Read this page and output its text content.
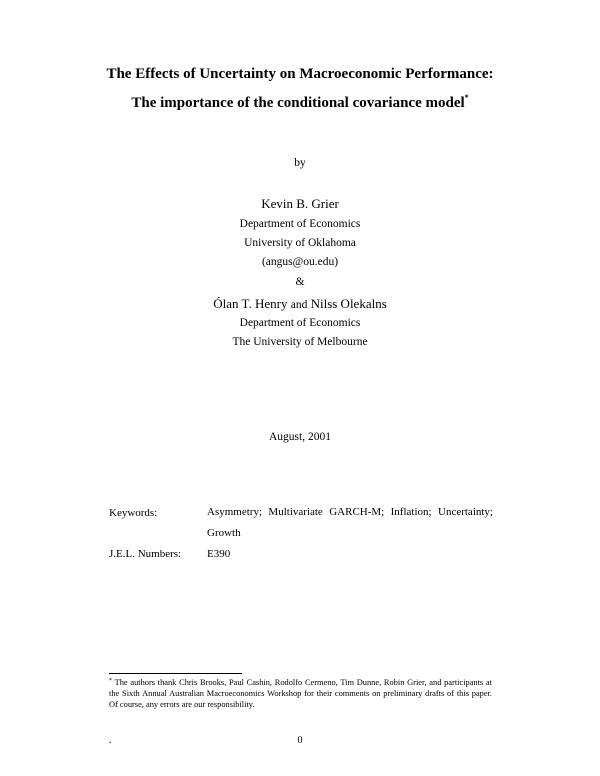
The Effects of Uncertainty on Macroeconomic Performance:
The importance of the conditional covariance model*
by
Kevin B. Grier
Department of Economics
University of Oklahoma
(angus@ou.edu)
&
Ólan T. Henry and Nilss Olekalns
Department of Economics
The University of Melbourne
August, 2001
Keywords:	Asymmetry; Multivariate GARCH-M; Inflation; Uncertainty; Growth
J.E.L. Numbers: E390
* The authors thank Chris Brooks, Paul Cashin, Rodolfo Cermeno, Tim Dunne, Robin Grier, and participants at the Sixth Annual Australian Macroeconomics Workshop for their comments on preliminary drafts of this paper. Of course, any errors are our responsibility.
.	0
